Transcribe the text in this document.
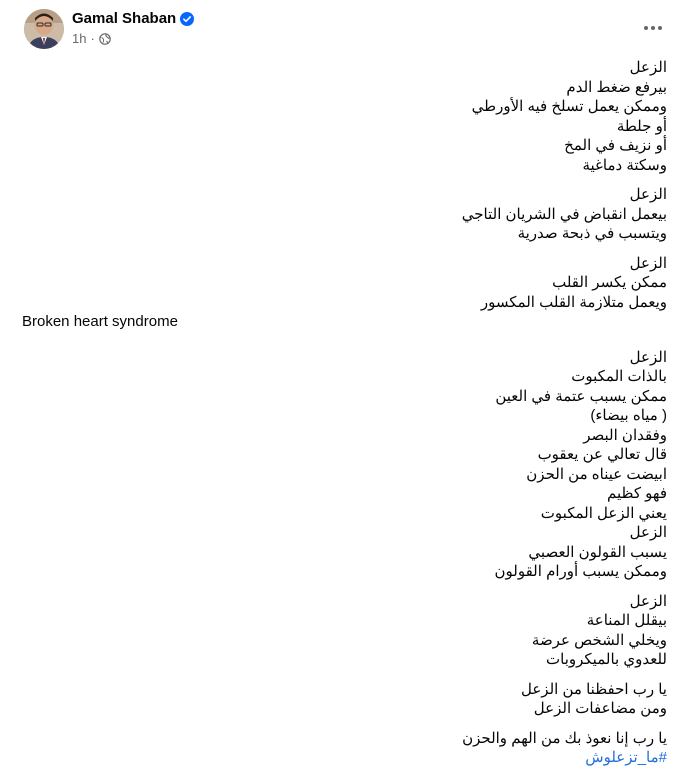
Gamal Shaban
1h ·
الزعل
بيرفع ضغط الدم
وممكن يعمل تسلخ فيه الأورطي
أو جلطة
أو نزيف في المخ
وسكتة دماغية
الزعل
بيعمل انقباض في الشريان التاجي
ويتسبب في ذبحة صدرية
الزعل
ممكن يكسر القلب
ويعمل متلازمة القلب المكسور
Broken heart syndrome
الزعل
بالذات المكبوت
ممكن يسبب عتمة في العين
( مياه بيضاء)
وفقدان البصر
قال تعالي عن يعقوب
ابيضت عيناه من الحزن
فهو كظيم
يعني الزعل المكبوت
الزعل
يسبب القولون العصبي
وممكن يسبب أورام القولون
الزعل
بيقلل المناعة
ويخلي الشخص عرضة
للعدوي بالميكروبات
يا رب احفظنا من الزعل
ومن مضاعفات الزعل
يا رب إنا نعوذ بك من الهم والحزن
#ما_تزعلوش
